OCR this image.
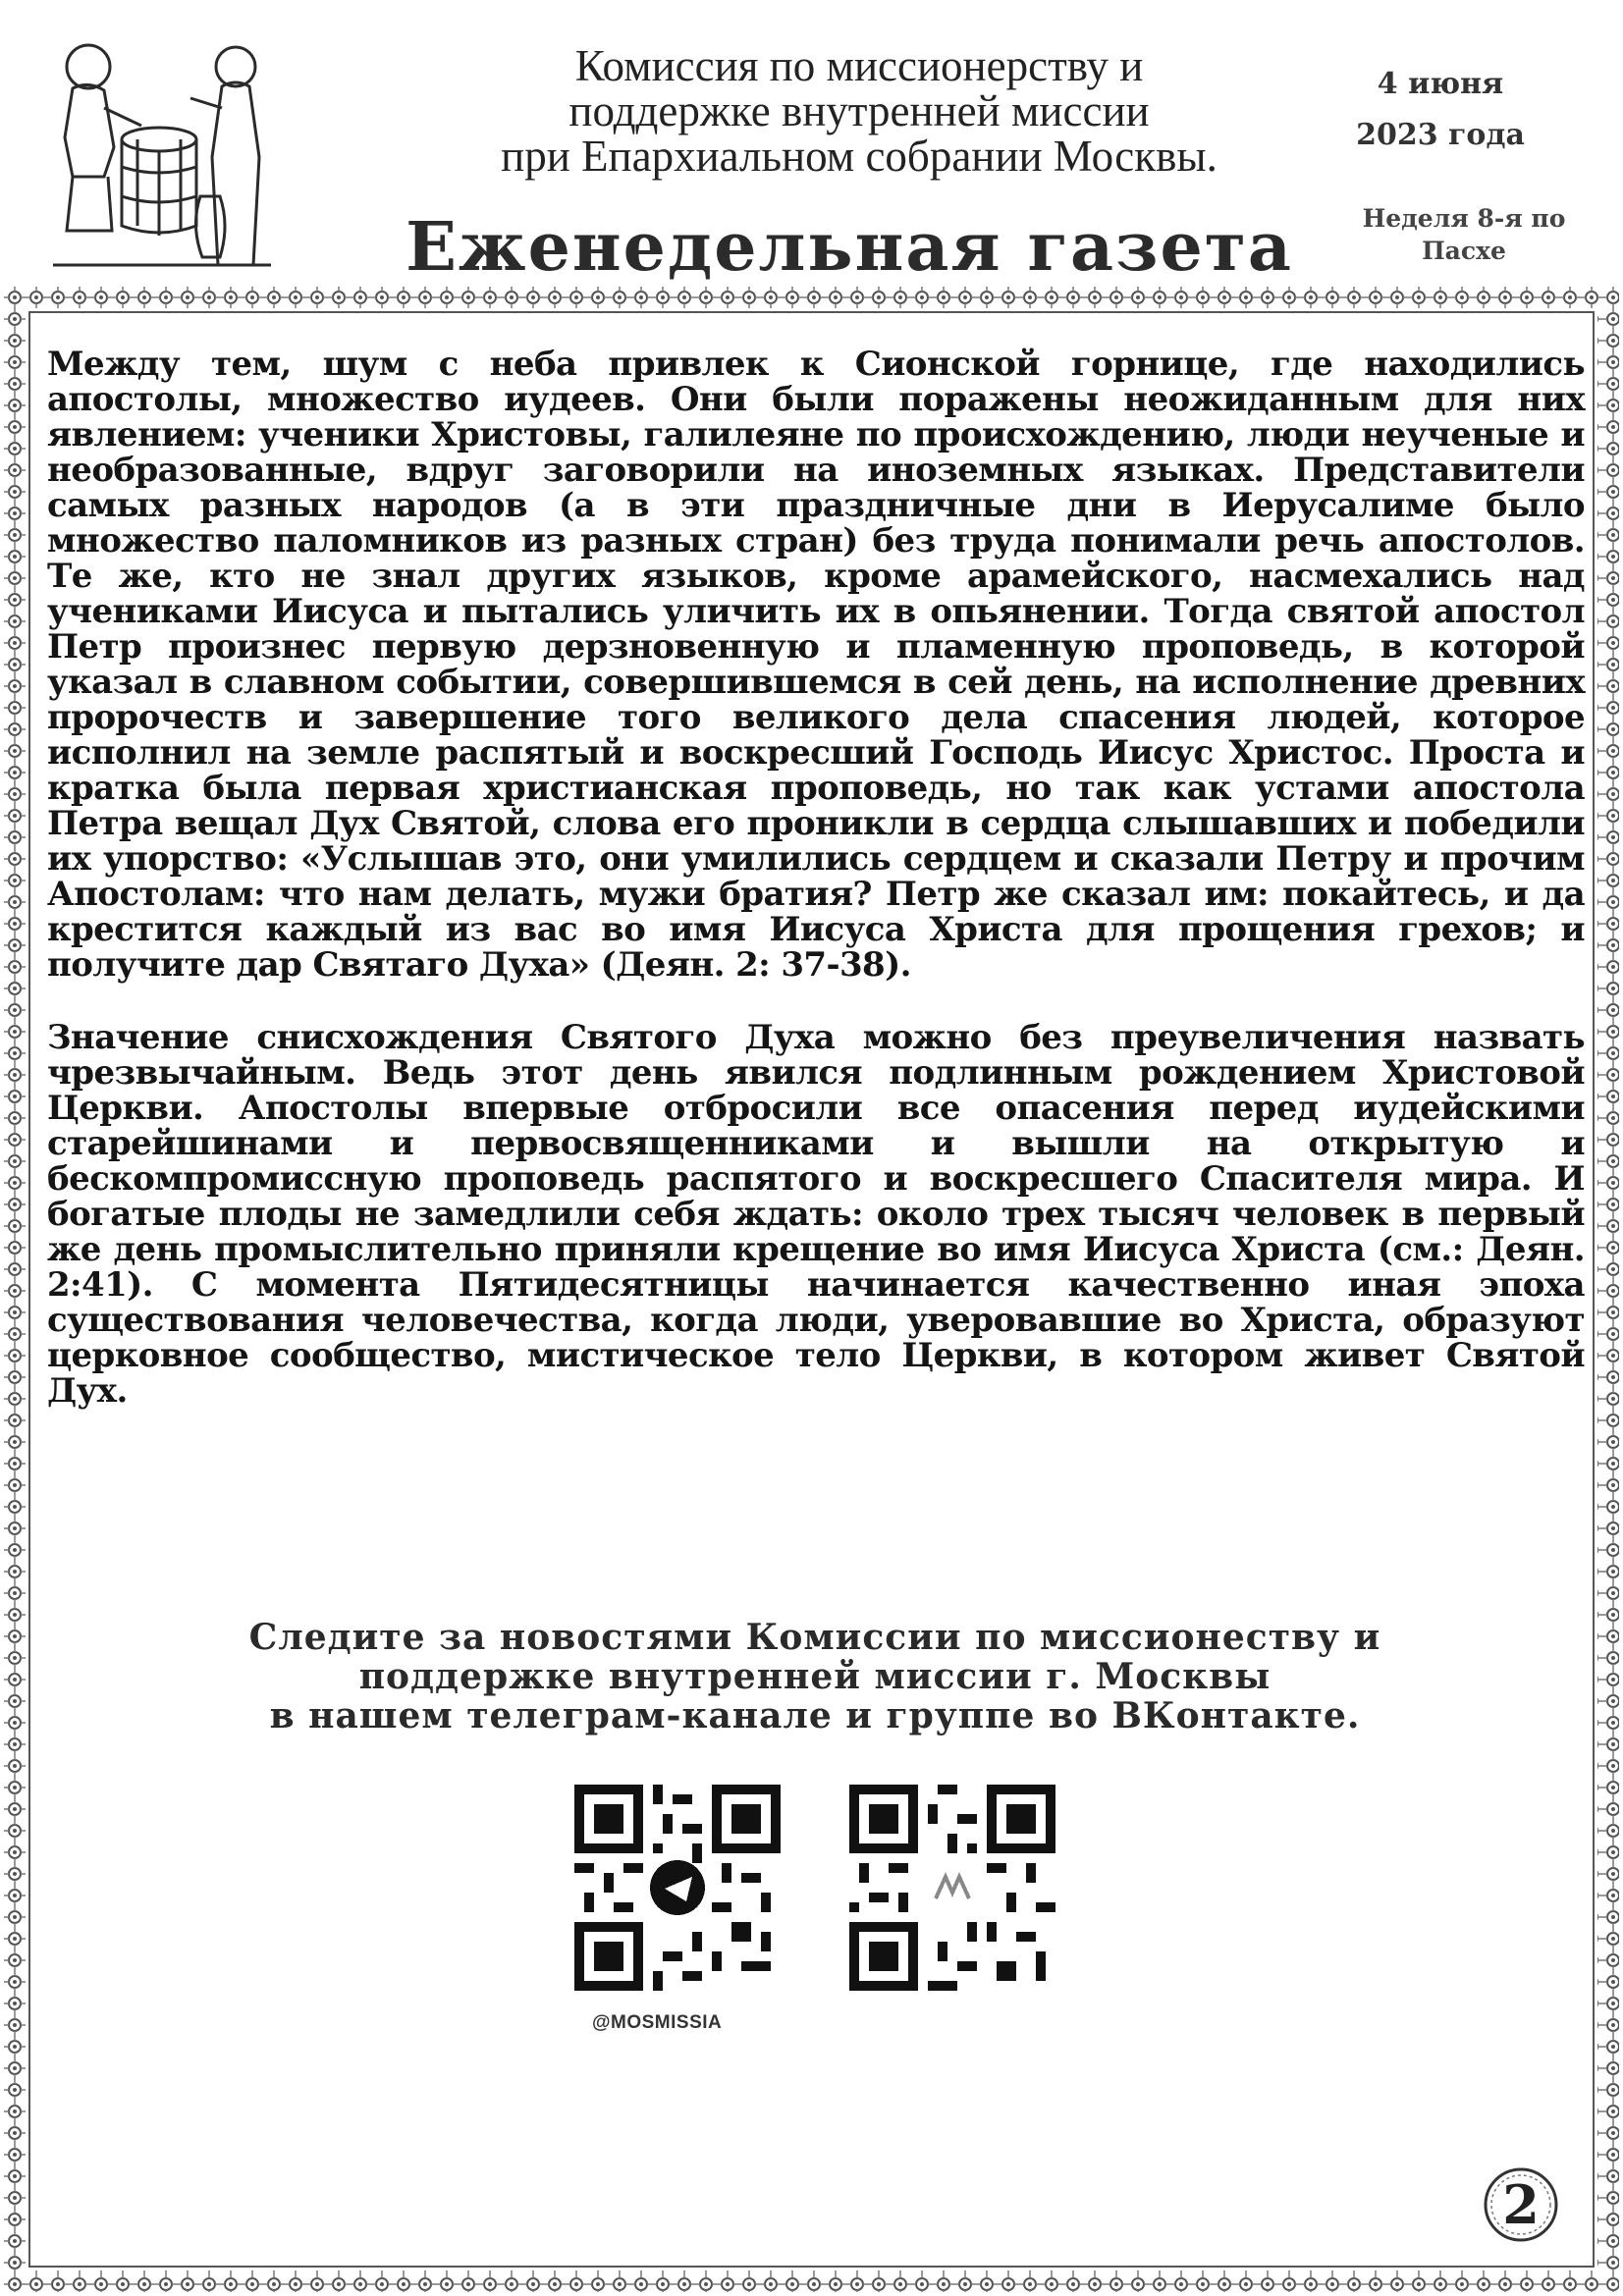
Комиссия по миссионерству и
поддержке внутренней миссии
при Епархиальном собрании Москвы.
4 июня
2023 года
Еженедельная газета	Неделя 8-я по
Пасхе

Между тем, шум с неба привлек к Сионской горнице, где находились апостолы, множество иудеев. Они были поражены неожиданным для них явлением: ученики Христовы, галилеяне по происхождению, люди неученые и необразованные, вдруг заговорили на иноземных языках. Представители самых разных народов (а в эти праздничные дни в Иерусалиме было множество паломников из разных стран) без труда понимали речь апостолов. Те же, кто не знал других языков, кроме арамейского, насмехались над учениками Иисуса и пытались уличить их в опьянении. Тогда святой апостол Петр произнес первую дерзновенную и пламенную проповедь, в которой указал в славном событии, совершившемся в сей день, на исполнение древних пророчеств и завершение того великого дела спасения людей, которое исполнил на земле распятый и воскресший Господь Иисус Христос. Проста и кратка была первая христианская проповедь, но так как устами апостола Петра вещал Дух Святой, слова его проникли в сердца слышавших и победили их упорство: «Услышав это, они умилились сердцем и сказали Петру и прочим Апостолам: что нам делать, мужи братия? Петр же сказал им: покайтесь, и да крестится каждый из вас во имя Иисуса Христа для прощения грехов; и получите дар Святаго Духа» (Деян. 2: 37-38).

Значение снисхождения Святого Духа можно без преувеличения назвать чрезвычайным. Ведь этот день явился подлинным рождением Христовой Церкви. Апостолы впервые отбросили все опасения перед иудейскими старейшинами и первосвященниками и вышли на открытую и бескомпромиссную проповедь распятого и воскресшего Спасителя мира. И богатые плоды не замедлили себя ждать: около трех тысяч человек в первый же день промыслительно приняли крещение во имя Иисуса Христа (см.: Деян. 2:41). С момента Пятидесятницы начинается качественно иная эпоха существования человечества, когда люди, уверовавшие во Христа, образуют церковное сообщество, мистическое тело Церкви, в котором живет Святой Дух.

Следите за новостями Комиссии по миссионеству и
поддержке внутренней миссии г. Москвы
в нашем телеграм-канале и группе во ВКонтакте.
@MOSMISSIA
2
